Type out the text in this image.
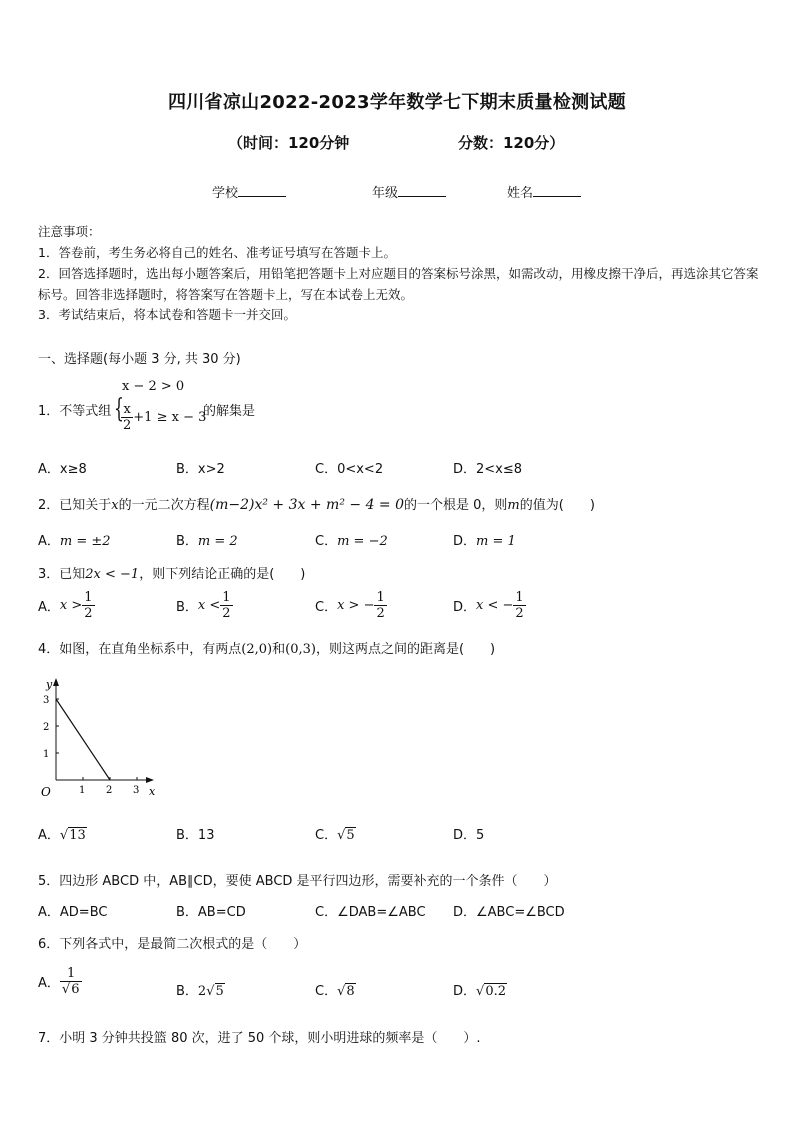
四川省凉山2022-2023学年数学七下期末质量检测试题
（时间：120分钟	分数：120分）
学校	年级	姓名
注意事项：
1．答卷前，考生务必将自己的姓名、准考证号填写在答题卡上。
2．回答选择题时，选出每小题答案后，用铅笔把答题卡上对应题目的答案标号涂黑，如需改动，用橡皮擦干净后，再选涂其它答案标号。回答非选择题时，将答案写在答题卡上，写在本试卷上无效。
3．考试结束后，将本试卷和答题卡一并交回。
一、选择题(每小题 3 分, 共 30 分)
x − 2 > 0
1．不等式组 {
$\frac{x}{2} +1 \ge x - 3$
的解集是
A．x≥8	B．x>2	C．0<x<2	D．2<x≤8
2．已知关于x的一元二次方程(m−2)x² + 3x + m² − 4 = 0的一个根是 0，则m的值为(　　)
A．m = ±2	B．m = 2	C．m = −2	D．m = 1
3．已知2x < −1，则下列结论正确的是(　　)
A．$x > \frac{1}{2}$	B．$x < \frac{1}{2}$	C．x > − $\frac{1}{2}$	D．x < − $\frac{1}{2}$
4．如图，在直角坐标系中，有两点(2,0)和(0,3)，则这两点之间的距离是(　　)
y
x
O	1 2 3
1
2
3
A．√13	B．13	C．√5	D．5
5．四边形 ABCD 中，AB∥CD，要使 ABCD 是平行四边形，需要补充的一个条件（　　）
A．AD=BC	B．AB=CD	C．∠DAB=∠ABC D．∠ABC=∠BCD
6．下列各式中，是最简二次根式的是（　　）
A． $\frac{1}{√6}$	B．2√5	C．√8	D．√0.2
7．小明 3 分钟共投篮 80 次，进了 50 个球，则小明进球的频率是（　　）.
